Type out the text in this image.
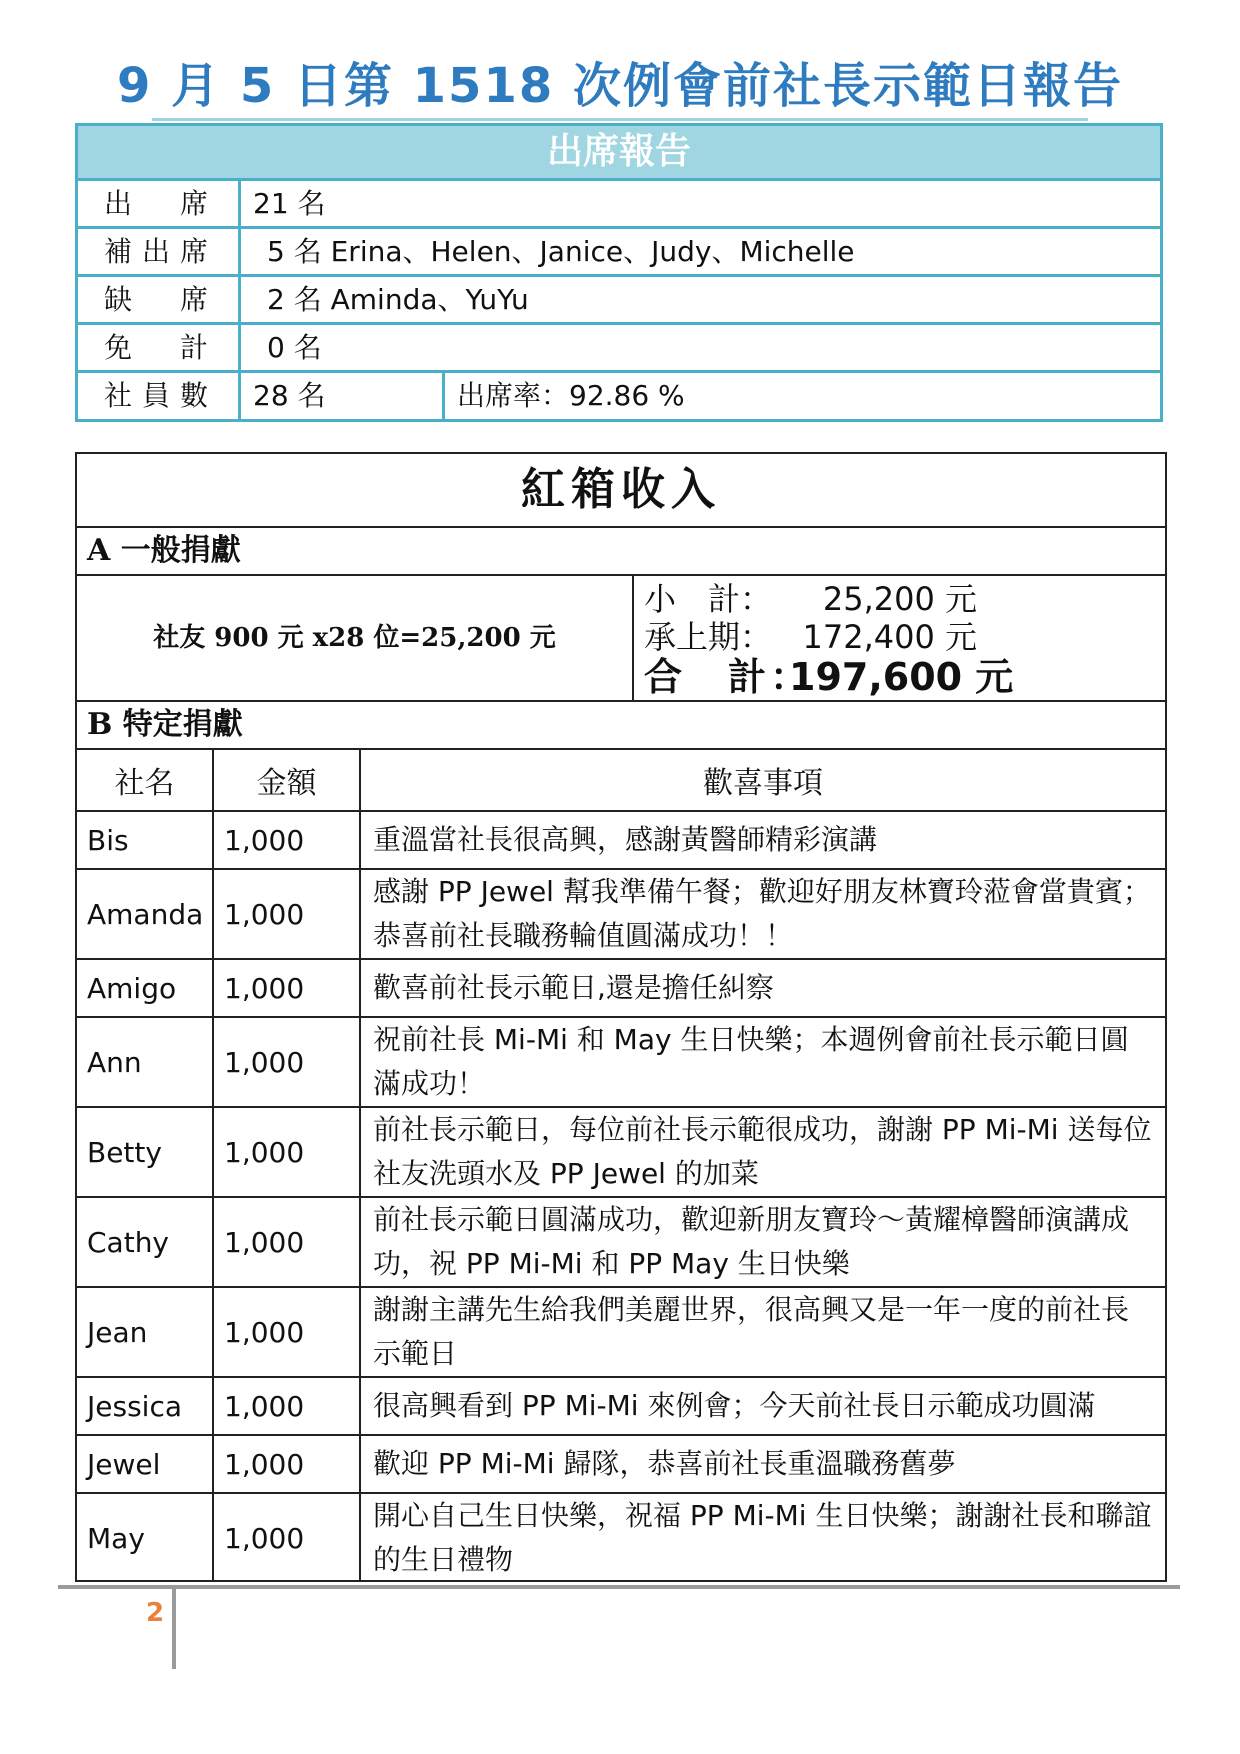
9 月 5 日第 1518 次例會前社長示範日報告
出席報告
出　席	21 名
補出席	5 名 Erina、Helen、Janice、Judy、Michelle
缺　席	2 名 Aminda、YuYu
免　計	0 名
社員數	28 名	出席率：92.86 %
紅箱收入
A 一般捐獻
社友 900 元 x28 位=25,200 元
小　計： 25,200 元
承上期： 172,400 元
合　計：197,600 元
B 特定捐獻
社名	金額	歡喜事項
Bis	1,000	重溫當社長很高興，感謝黃醫師精彩演講
Amanda	1,000	感謝 PP Jewel 幫我準備午餐；歡迎好朋友林寶玲蒞會當貴賓；恭喜前社長職務輪值圓滿成功！！
Amigo	1,000	歡喜前社長示範日,還是擔任糾察
Ann	1,000	祝前社長 Mi-Mi 和 May 生日快樂；本週例會前社長示範日圓滿成功！
Betty	1,000	前社長示範日，每位前社長示範很成功，謝謝 PP Mi-Mi 送每位社友洗頭水及 PP Jewel 的加菜
Cathy	1,000	前社長示範日圓滿成功，歡迎新朋友寶玲～黃耀樟醫師演講成功，祝 PP Mi-Mi 和 PP May 生日快樂
Jean	1,000	謝謝主講先生給我們美麗世界，很高興又是一年一度的前社長示範日
Jessica	1,000	很高興看到 PP Mi-Mi 來例會；今天前社長日示範成功圓滿
Jewel	1,000	歡迎 PP Mi-Mi 歸隊，恭喜前社長重溫職務舊夢
May	1,000	開心自己生日快樂，祝福 PP Mi-Mi 生日快樂；謝謝社長和聯誼的生日禮物
2
